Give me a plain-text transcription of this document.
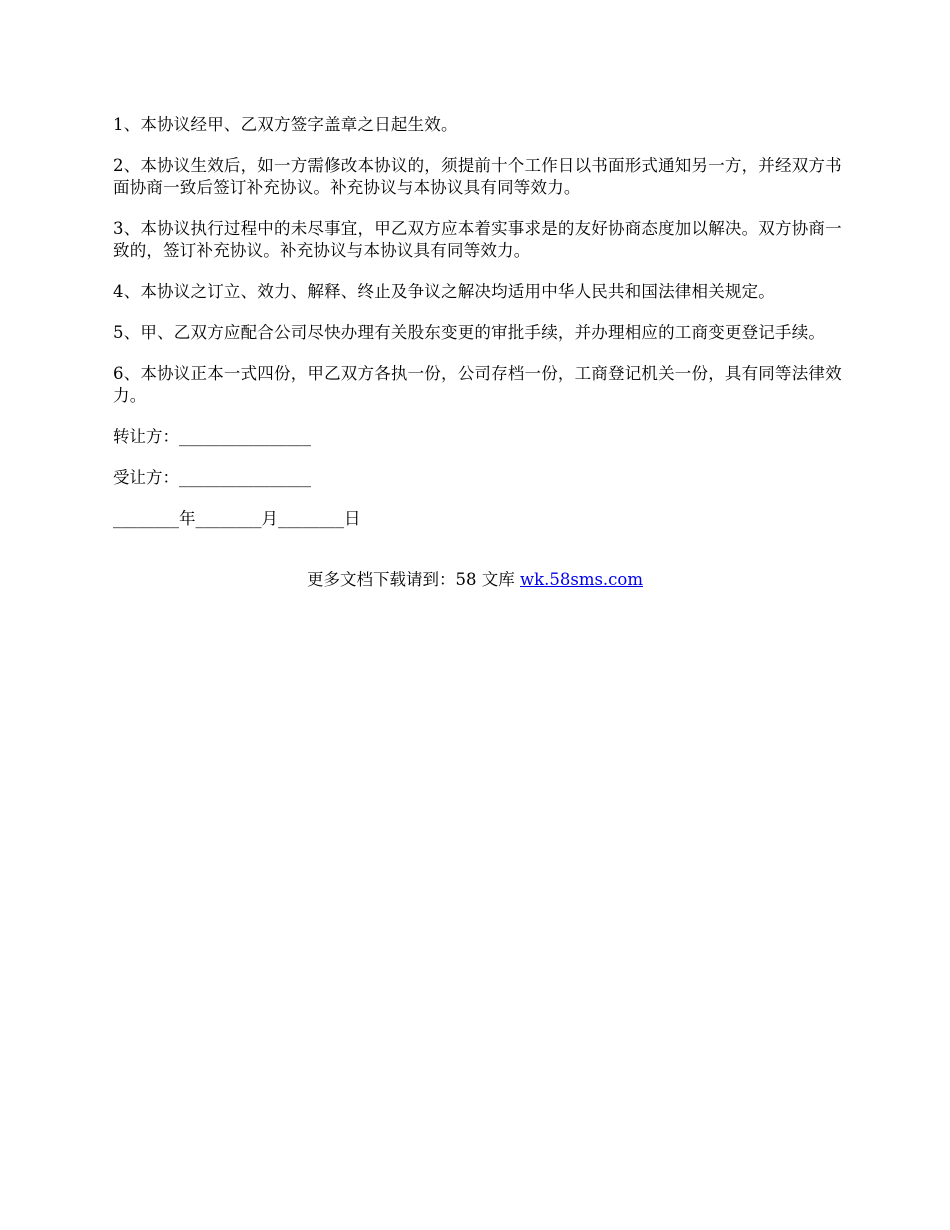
1、本协议经甲、乙双方签字盖章之日起生效。

2、本协议生效后，如一方需修改本协议的，须提前十个工作日以书面形式通知另一方，并经双方书面协商一致后签订补充协议。补充协议与本协议具有同等效力。

3、本协议执行过程中的未尽事宜，甲乙双方应本着实事求是的友好协商态度加以解决。双方协商一致的，签订补充协议。补充协议与本协议具有同等效力。

4、本协议之订立、效力、解释、终止及争议之解决均适用中华人民共和国法律相关规定。

5、甲、乙双方应配合公司尽快办理有关股东变更的审批手续，并办理相应的工商变更登记手续。

6、本协议正本一式四份，甲乙双方各执一份，公司存档一份，工商登记机关一份，具有同等法律效力。

转让方：________________

受让方：________________

________年________月________日

更多文档下载请到：58 文库 wk.58sms.com
